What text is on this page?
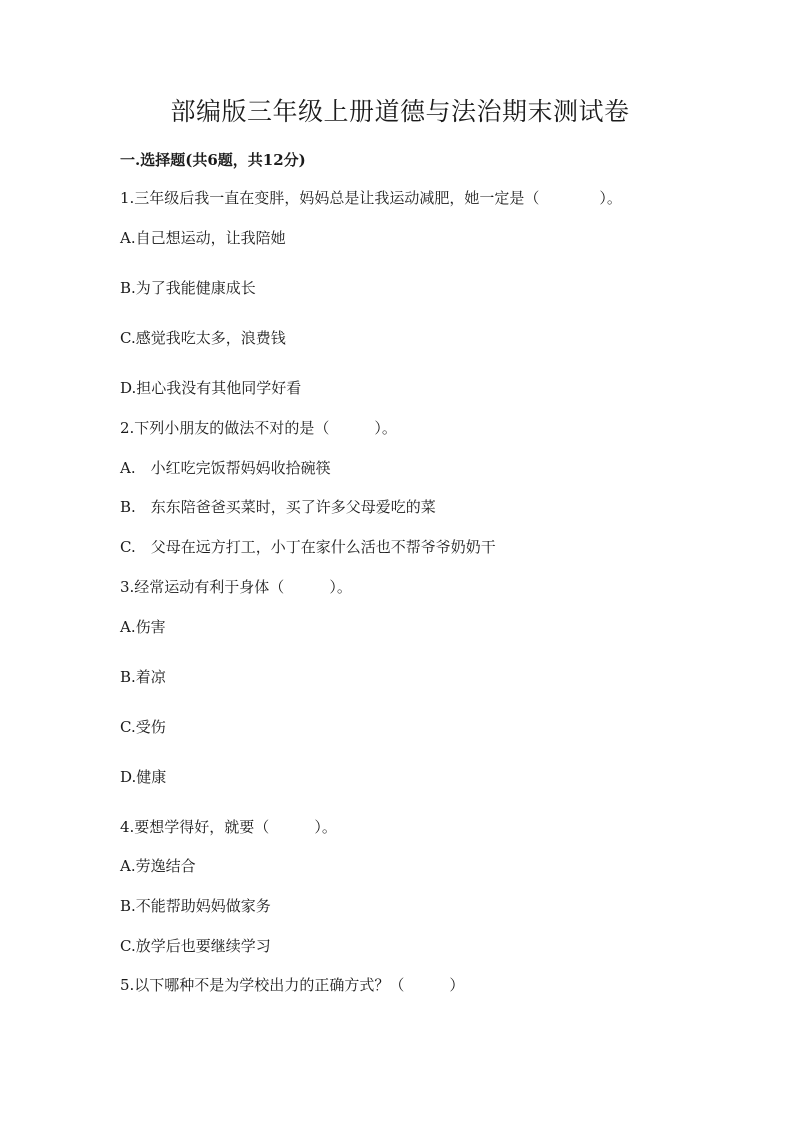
部编版三年级上册道德与法治期末测试卷
一.选择题(共6题，共12分)

1.三年级后我一直在变胖，妈妈总是让我运动减肥，她一定是（　　　　）。

A.自己想运动，让我陪她

B.为了我能健康成长

C.感觉我吃太多，浪费钱

D.担心我没有其他同学好看

2.下列小朋友的做法不对的是（　　　）。

A.　小红吃完饭帮妈妈收拾碗筷

B.　东东陪爸爸买菜时，买了许多父母爱吃的菜

C.　父母在远方打工，小丁在家什么活也不帮爷爷奶奶干

3.经常运动有利于身体（　　　）。

A.伤害

B.着凉

C.受伤

D.健康

4.要想学得好，就要（　　　）。

A.劳逸结合

B.不能帮助妈妈做家务

C.放学后也要继续学习

5.以下哪种不是为学校出力的正确方式？（　　　）
